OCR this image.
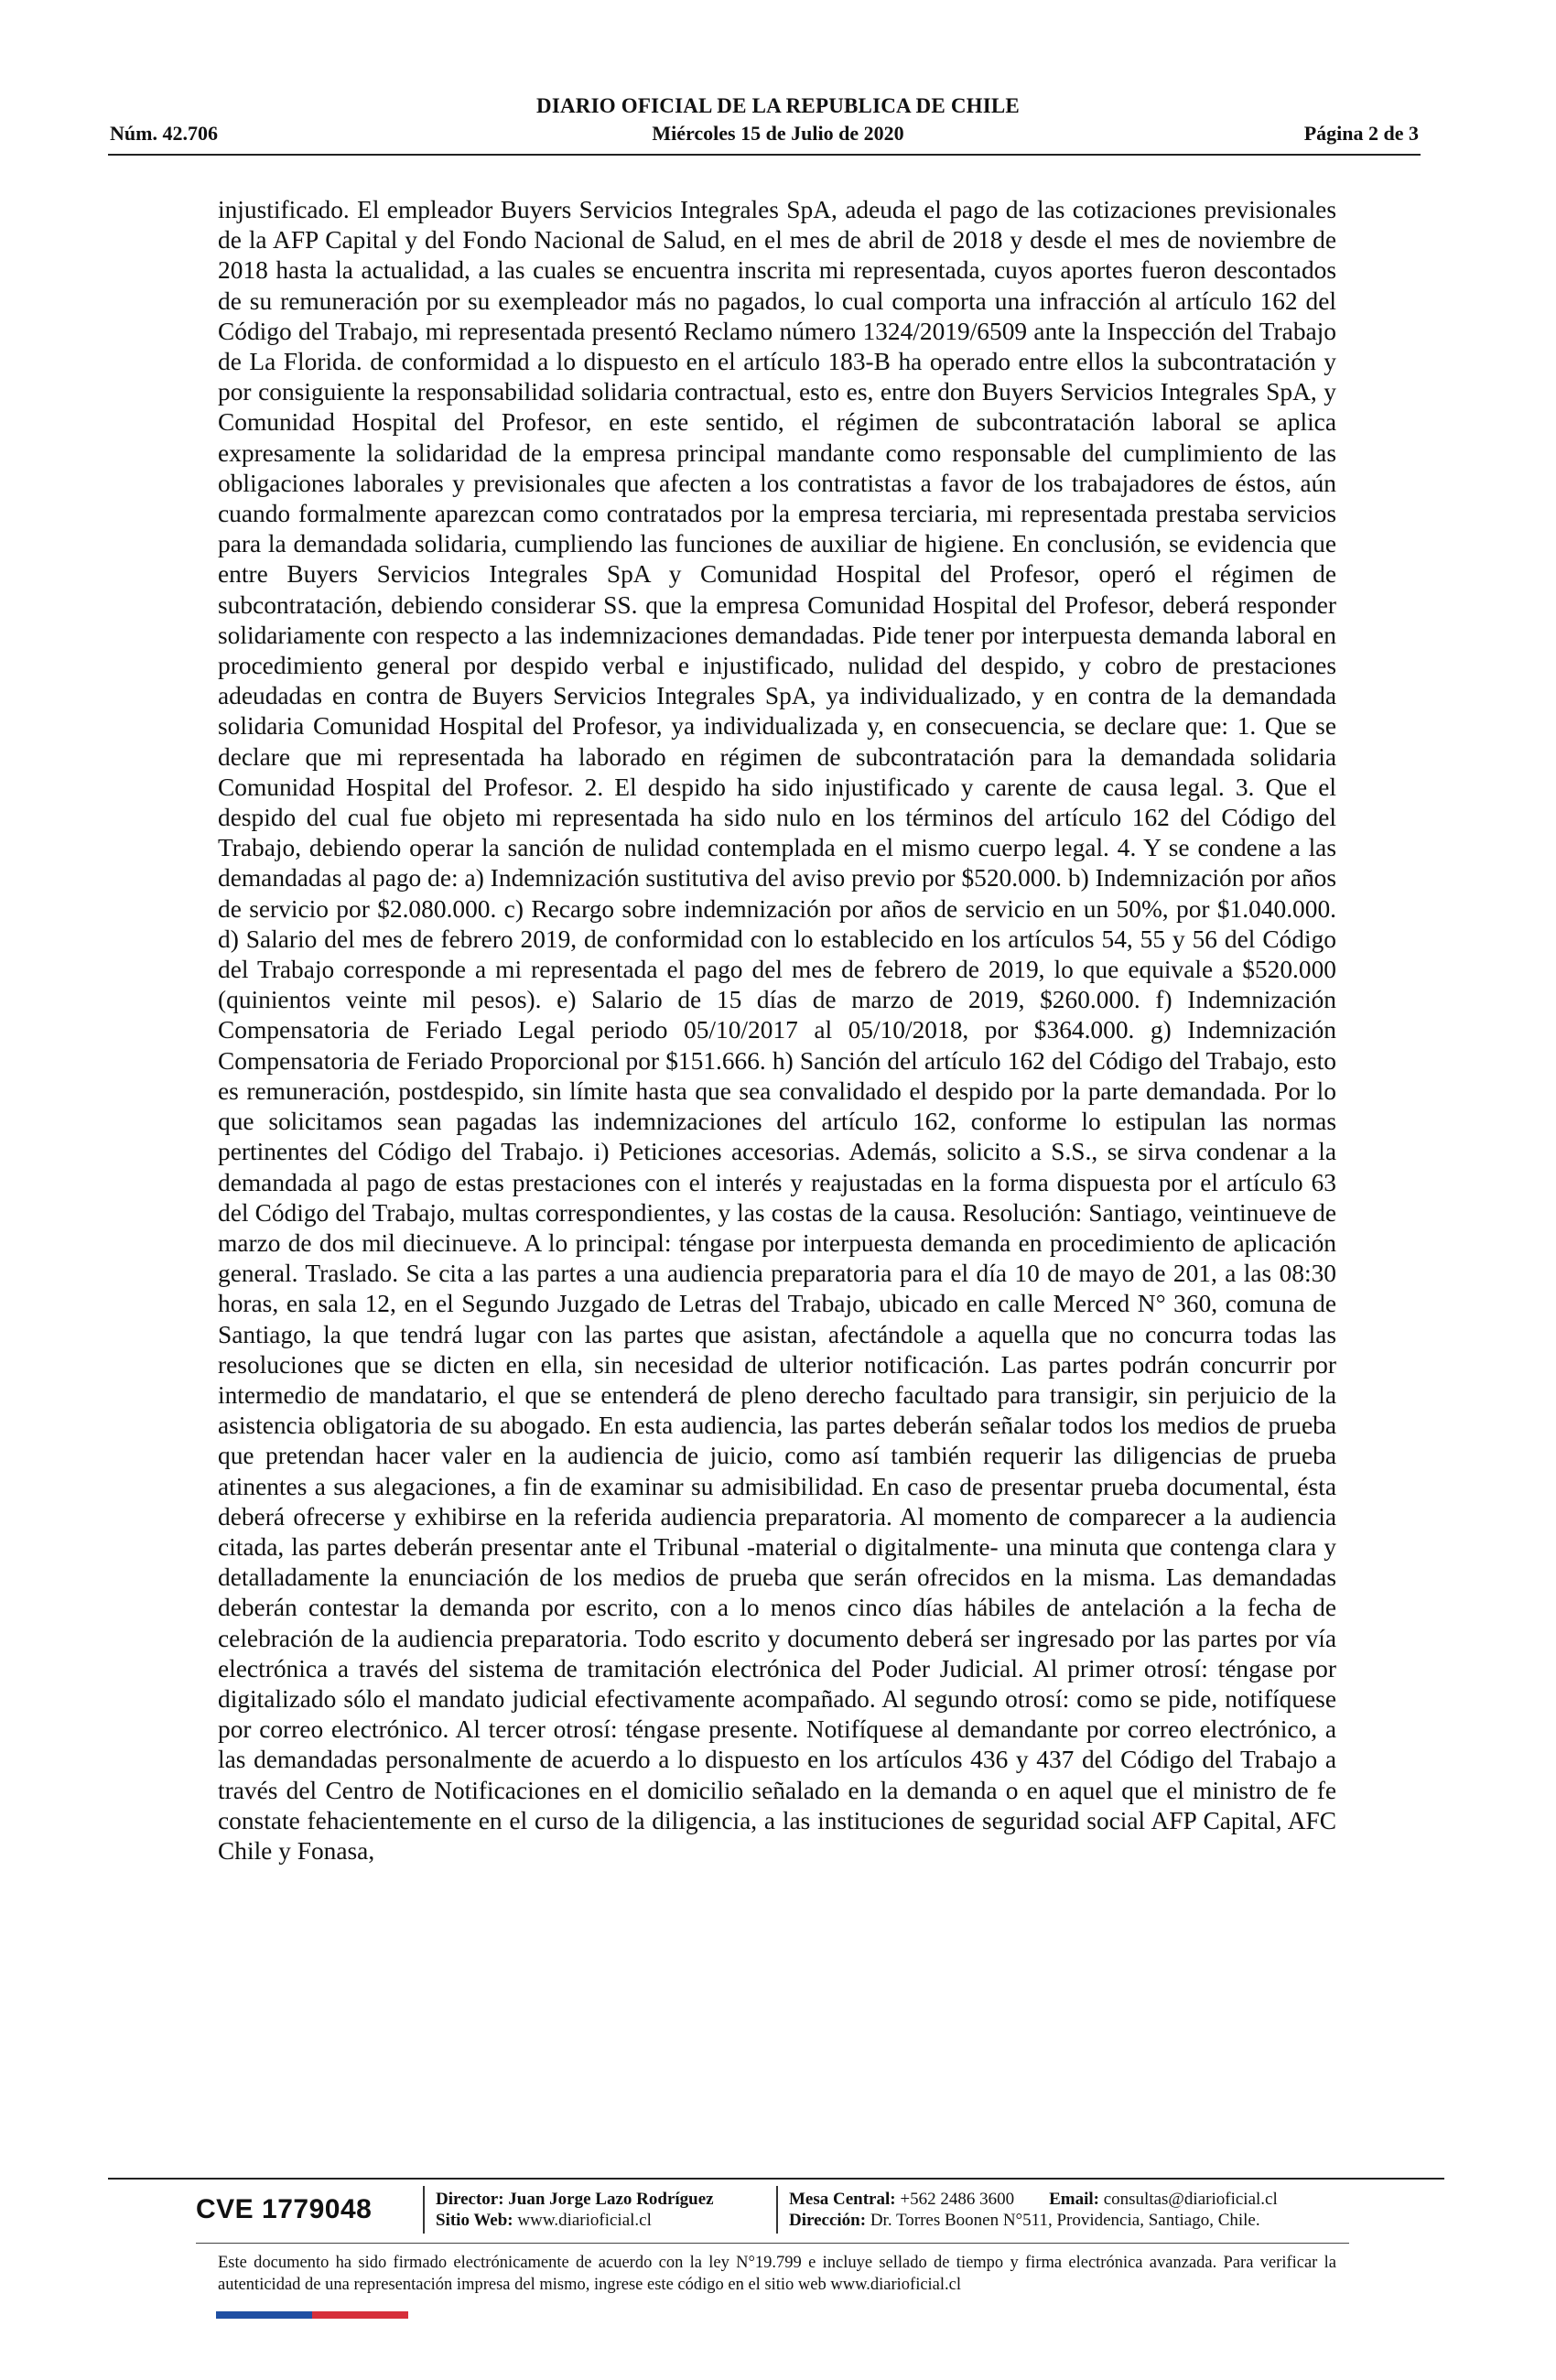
DIARIO OFICIAL DE LA REPUBLICA DE CHILE
Núm. 42.706	Miércoles 15 de Julio de 2020	Página 2 de 3

injustificado. El empleador Buyers Servicios Integrales SpA, adeuda el pago de las cotizaciones previsionales de la AFP Capital y del Fondo Nacional de Salud, en el mes de abril de 2018 y desde el mes de noviembre de 2018 hasta la actualidad, a las cuales se encuentra inscrita mi representada, cuyos aportes fueron descontados de su remuneración por su exempleador más no pagados, lo cual comporta una infracción al artículo 162 del Código del Trabajo, mi representada presentó Reclamo número 1324/2019/6509 ante la Inspección del Trabajo de La Florida. de conformidad a lo dispuesto en el artículo 183-B ha operado entre ellos la subcontratación y por consiguiente la responsabilidad solidaria contractual, esto es, entre don Buyers Servicios Integrales SpA, y Comunidad Hospital del Profesor, en este sentido, el régimen de subcontratación laboral se aplica expresamente la solidaridad de la empresa principal mandante como responsable del cumplimiento de las obligaciones laborales y previsionales que afecten a los contratistas a favor de los trabajadores de éstos, aún cuando formalmente aparezcan como contratados por la empresa terciaria, mi representada prestaba servicios para la demandada solidaria, cumpliendo las funciones de auxiliar de higiene. En conclusión, se evidencia que entre Buyers Servicios Integrales SpA y Comunidad Hospital del Profesor, operó el régimen de subcontratación, debiendo considerar SS. que la empresa Comunidad Hospital del Profesor, deberá responder solidariamente con respecto a las indemnizaciones demandadas. Pide tener por interpuesta demanda laboral en procedimiento general por despido verbal e injustificado, nulidad del despido, y cobro de prestaciones adeudadas en contra de Buyers Servicios Integrales SpA, ya individualizado, y en contra de la demandada solidaria Comunidad Hospital del Profesor, ya individualizada y, en consecuencia, se declare que: 1. Que se declare que mi representada ha laborado en régimen de subcontratación para la demandada solidaria Comunidad Hospital del Profesor. 2. El despido ha sido injustificado y carente de causa legal. 3. Que el despido del cual fue objeto mi representada ha sido nulo en los términos del artículo 162 del Código del Trabajo, debiendo operar la sanción de nulidad contemplada en el mismo cuerpo legal. 4. Y se condene a las demandadas al pago de: a) Indemnización sustitutiva del aviso previo por $520.000. b) Indemnización por años de servicio por $2.080.000. c) Recargo sobre indemnización por años de servicio en un 50%, por $1.040.000. d) Salario del mes de febrero 2019, de conformidad con lo establecido en los artículos 54, 55 y 56 del Código del Trabajo corresponde a mi representada el pago del mes de febrero de 2019, lo que equivale a $520.000 (quinientos veinte mil pesos). e) Salario de 15 días de marzo de 2019, $260.000. f) Indemnización Compensatoria de Feriado Legal periodo 05/10/2017 al 05/10/2018, por $364.000. g) Indemnización Compensatoria de Feriado Proporcional por $151.666. h) Sanción del artículo 162 del Código del Trabajo, esto es remuneración, postdespido, sin límite hasta que sea convalidado el despido por la parte demandada. Por lo que solicitamos sean pagadas las indemnizaciones del artículo 162, conforme lo estipulan las normas pertinentes del Código del Trabajo. i) Peticiones accesorias. Además, solicito a S.S., se sirva condenar a la demandada al pago de estas prestaciones con el interés y reajustadas en la forma dispuesta por el artículo 63 del Código del Trabajo, multas correspondientes, y las costas de la causa. Resolución: Santiago, veintinueve de marzo de dos mil diecinueve. A lo principal: téngase por interpuesta demanda en procedimiento de aplicación general. Traslado. Se cita a las partes a una audiencia preparatoria para el día 10 de mayo de 201, a las 08:30 horas, en sala 12, en el Segundo Juzgado de Letras del Trabajo, ubicado en calle Merced N° 360, comuna de Santiago, la que tendrá lugar con las partes que asistan, afectándole a aquella que no concurra todas las resoluciones que se dicten en ella, sin necesidad de ulterior notificación. Las partes podrán concurrir por intermedio de mandatario, el que se entenderá de pleno derecho facultado para transigir, sin perjuicio de la asistencia obligatoria de su abogado. En esta audiencia, las partes deberán señalar todos los medios de prueba que pretendan hacer valer en la audiencia de juicio, como así también requerir las diligencias de prueba atinentes a sus alegaciones, a fin de examinar su admisibilidad. En caso de presentar prueba documental, ésta deberá ofrecerse y exhibirse en la referida audiencia preparatoria. Al momento de comparecer a la audiencia citada, las partes deberán presentar ante el Tribunal -material o digitalmente- una minuta que contenga clara y detalladamente la enunciación de los medios de prueba que serán ofrecidos en la misma. Las demandadas deberán contestar la demanda por escrito, con a lo menos cinco días hábiles de antelación a la fecha de celebración de la audiencia preparatoria. Todo escrito y documento deberá ser ingresado por las partes por vía electrónica a través del sistema de tramitación electrónica del Poder Judicial. Al primer otrosí: téngase por digitalizado sólo el mandato judicial efectivamente acompañado. Al segundo otrosí: como se pide, notifíquese por correo electrónico. Al tercer otrosí: téngase presente. Notifíquese al demandante por correo electrónico, a las demandadas personalmente de acuerdo a lo dispuesto en los artículos 436 y 437 del Código del Trabajo a través del Centro de Notificaciones en el domicilio señalado en la demanda o en aquel que el ministro de fe constate fehacientemente en el curso de la diligencia, a las instituciones de seguridad social AFP Capital, AFC Chile y Fonasa,

CVE 1779048	Director:
Juan Jorge Lazo Rodríguez
Sitio Web:
www.diarioficial.cl
Mesa Central:
+562 2486 3600 Email:
consultas@diarioficial.cl
Dirección:
Dr. Torres Boonen N°511, Providencia, Santiago, Chile.
Este documento ha sido firmado electrónicamente de acuerdo con la ley N°19.799 e incluye sellado de tiempo y firma electrónica avanzada. Para verificar la autenticidad de una representación impresa del mismo, ingrese este código en el sitio web www.diarioficial.cl
